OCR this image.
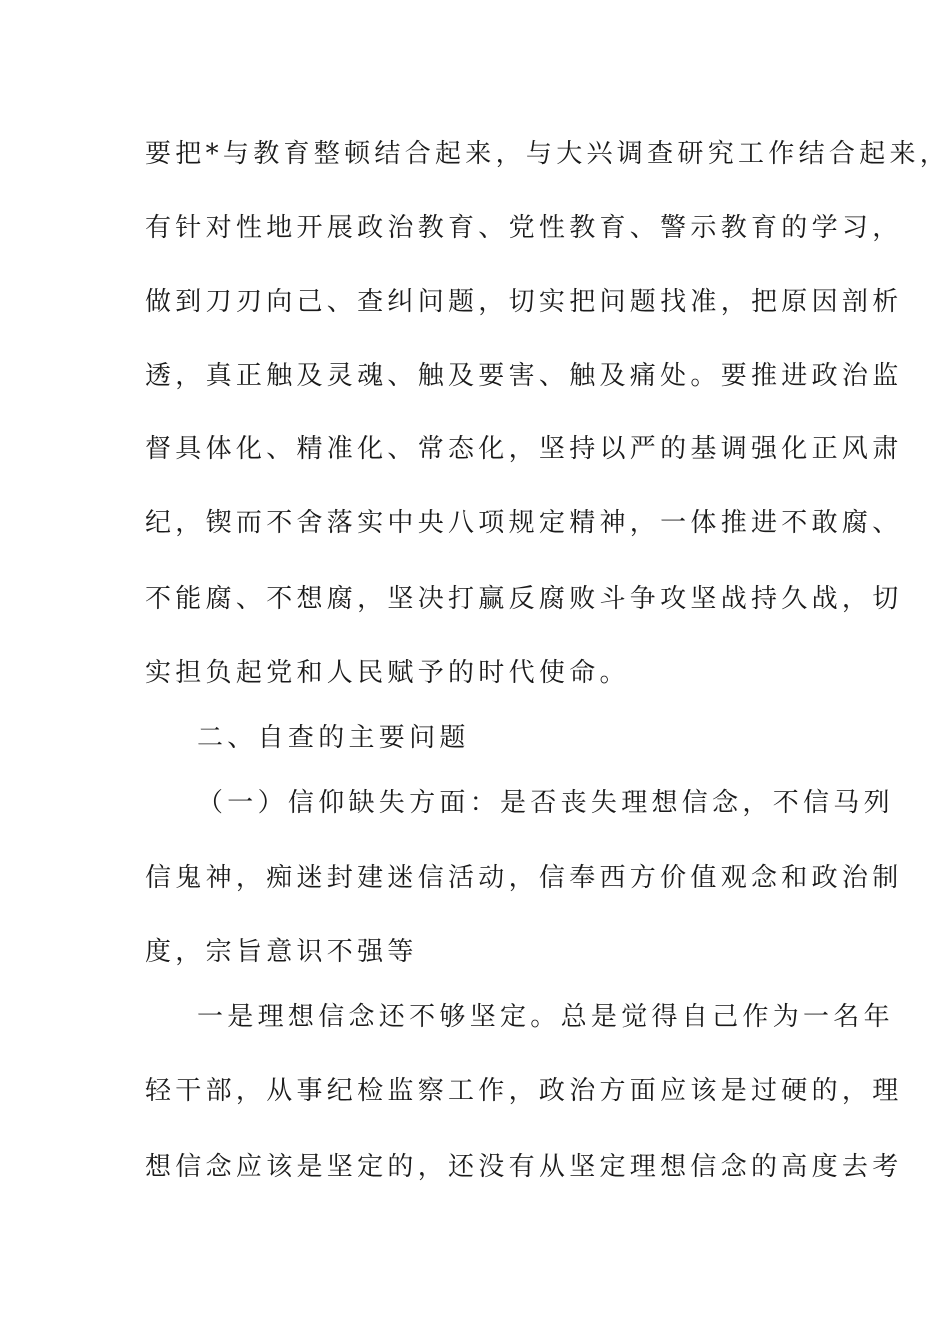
要把*与教育整顿结合起来，与大兴调查研究工作结合起来，
有针对性地开展政治教育、党性教育、警示教育的学习，
做到刀刃向己、查纠问题，切实把问题找准，把原因剖析
透，真正触及灵魂、触及要害、触及痛处。要推进政治监
督具体化、精准化、常态化，坚持以严的基调强化正风肃
纪，锲而不舍落实中央八项规定精神，一体推进不敢腐、
不能腐、不想腐，坚决打赢反腐败斗争攻坚战持久战，切
实担负起党和人民赋予的时代使命。
二、自查的主要问题
（一）信仰缺失方面：是否丧失理想信念，不信马列
信鬼神，痴迷封建迷信活动，信奉西方价值观念和政治制
度，宗旨意识不强等
一是理想信念还不够坚定。总是觉得自己作为一名年
轻干部，从事纪检监察工作，政治方面应该是过硬的，理
想信念应该是坚定的，还没有从坚定理想信念的高度去考
